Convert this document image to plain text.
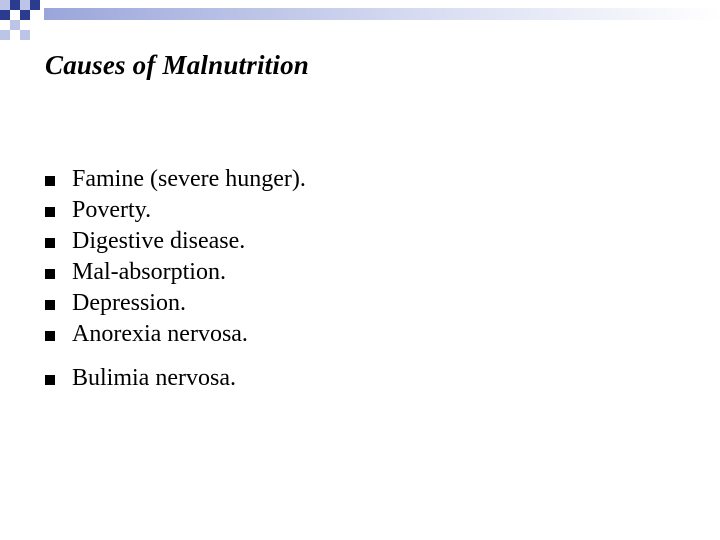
Causes of Malnutrition
Famine (severe hunger).
Poverty.
Digestive disease.
Mal-absorption.
Depression.
Anorexia nervosa.
Bulimia nervosa.
